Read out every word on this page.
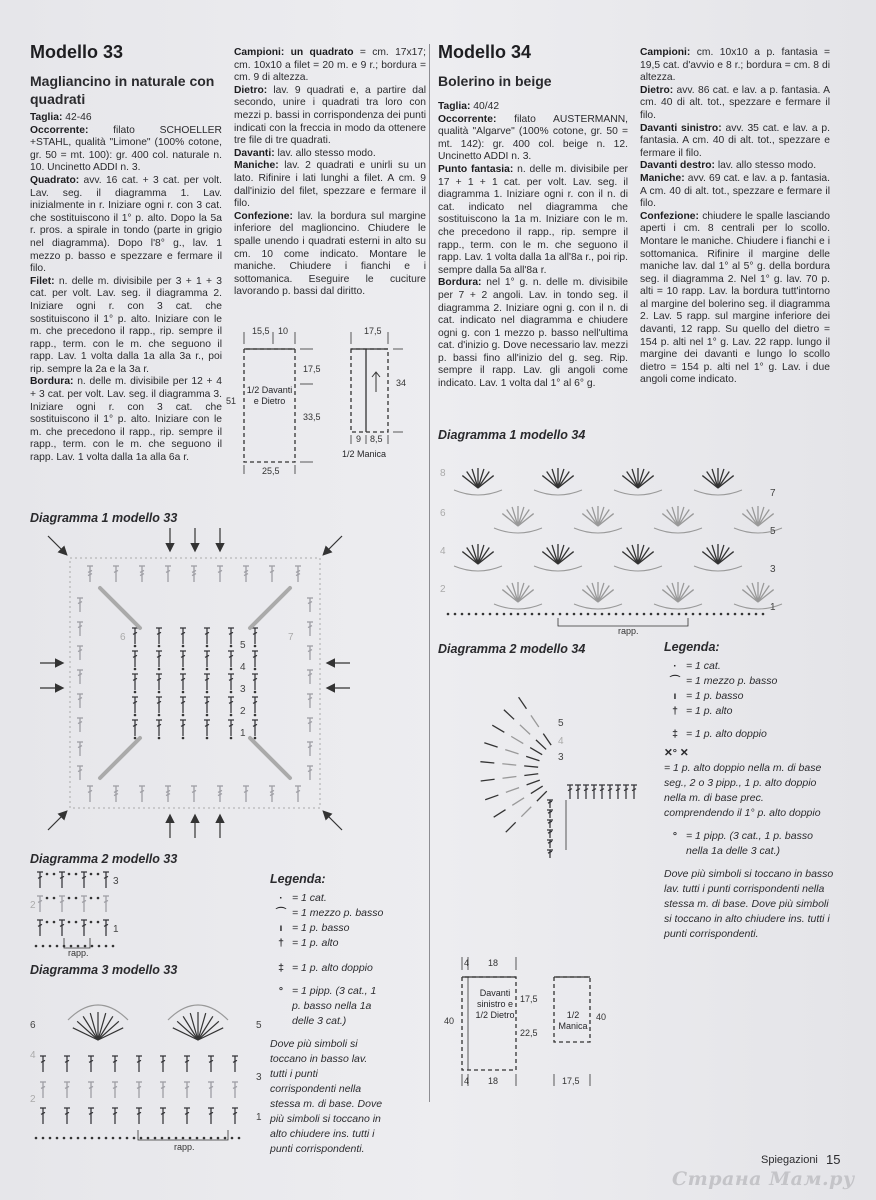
Modello 33
Magliancino in naturale con quadrati

Taglia: 42-46

Occorrente: filato SCHOELLER +STAHL, qualità "Limone" (100% cotone, gr. 50 = mt. 100): gr. 400 col. naturale n. 10. Uncinetto ADDI n. 3.

Quadrato: avv. 16 cat. + 3 cat. per volt. Lav. seg. il diagramma 1. Lav. inizialmente in r. Iniziare ogni r. con 3 cat. che sostituiscono il 1° p. alto. Dopo la 5a r. pros. a spirale in tondo (parte in grigio nel diagramma). Dopo l'8° g., lav. 1 mezzo p. basso e spezzare e fermare il filo.

Filet: n. delle m. divisibile per 3 + 1 + 3 cat. per volt. Lav. seg. il diagramma 2. Iniziare ogni r. con 3 cat. che sostituiscono il 1° p. alto. Iniziare con le m. che precedono il rapp., rip. sempre il rapp., term. con le m. che seguono il rapp. Lav. 1 volta dalla 1a alla 3a r., poi rip. sempre la 2a e la 3a r.

Bordura: n. delle m. divisibile per 12 + 4 + 3 cat. per volt. Lav. seg. il diagramma 3. Iniziare ogni r. con 3 cat. che sostituiscono il 1° p. alto. Iniziare con le m. che precedono il rapp., rip. sempre il rapp., term. con le m. che seguono il rapp. Lav. 1 volta dalla 1a alla 6a r.

Campioni: un quadrato = cm. 17x17; cm. 10x10 a filet = 20 m. e 9 r.; bordura = cm. 9 di altezza.

Dietro: lav. 9 quadrati e, a partire dal secondo, unire i quadrati tra loro con mezzi p. bassi in corrispondenza dei punti indicati con la freccia in modo da ottenere tre file di tre quadrati.

Davanti: lav. allo stesso modo.

Maniche: lav. 2 quadrati e unirli su un lato. Rifinire i lati lunghi a filet. A cm. 9 dall'inizio del filet, spezzare e fermare il filo.

Confezione: lav. la bordura sul margine inferiore del maglioncino. Chiudere le spalle unendo i quadrati esterni in alto su cm. 10 come indicato. Montare le maniche. Chiudere i fianchi e i sottomanica. Eseguire le cuciture lavorando p. bassi dal diritto.

Modello 34
Bolerino in beige

Taglia: 40/42

Occorrente: filato AUSTERMANN, qualità "Algarve" (100% cotone, gr. 50 = mt. 142): gr. 400 col. beige n. 12. Uncinetto ADDI n. 3.

Punto fantasia: n. delle m. divisibile per 17 + 1 + 1 cat. per volt. Lav. seg. il diagramma 1. Iniziare ogni r. con il n. di cat. indicato nel diagramma che sostituiscono la 1a m. Iniziare con le m. che precedono il rapp., rip. sempre il rapp., term. con le m. che seguono il rapp. Lav. 1 volta dalla 1a all'8a r., poi rip. sempre dalla 5a all'8a r.

Bordura: nel 1° g. n. delle m. divisibile per 7 + 2 angoli. Lav. in tondo seg. il diagramma 2. Iniziare ogni g. con il n. di cat. indicato nel diagramma e chiudere ogni g. con 1 mezzo p. basso nell'ultima cat. d'inizio g. Dove necessario lav. mezzi p. bassi fino all'inizio del g. seg. Rip. sempre il rapp. Lav. gli angoli come indicato. Lav. 1 volta dal 1° al 6° g.

Campioni: cm. 10x10 a p. fantasia = 19,5 cat. d'avvio e 8 r.; bordura = cm. 8 di altezza.

Dietro: avv. 86 cat. e lav. a p. fantasia. A cm. 40 di alt. tot., spezzare e fermare il filo.

Davanti sinistro: avv. 35 cat. e lav. a p. fantasia. A cm. 40 di alt. tot., spezzare e fermare il filo.

Davanti destro: lav. allo stesso modo.

Maniche: avv. 69 cat. e lav. a p. fantasia. A cm. 40 di alt. tot., spezzare e fermare il filo.

Confezione: chiudere le spalle lasciando aperti i cm. 8 centrali per lo scollo. Montare le maniche. Chiudere i fianchi e i sottomanica. Rifinire il margine delle maniche lav. dal 1° al 5° g. della bordura seg. il diagramma 2. Nel 1° g. lav. 70 p. alti = 10 rapp. Lav. la bordura tutt'intorno al margine del bolerino seg. il diagramma 2. Lav. 5 rapp. sul margine inferiore dei davanti, 12 rapp. Su quello del dietro = 154 p. alti nel 1° g. Lav. 22 rapp. lungo il margine dei davanti e lungo lo scollo dietro = 154 p. alti nel 1° g. Lav. i due angoli come indicato.

15,5 10
51
17,5
33,5
25,5
17,5
34
9 8,5
1/2 Davanti e Dietro
1/2 Manica
Diagramma 1 modello 33
1
2
3
4
5
6	7
Diagramma 2 modello 33
3
2
1
rapp.
Diagramma 3 modello 33
6	5
4
3
2
1
rapp.
Legenda:
· = 1 cat.
⌒ = 1 mezzo p. basso
ı = 1 p. basso
† = 1 p. alto
‡ = 1 p. alto doppio
° = 1 pipp. (3 cat., 1 p. basso nella 1a delle 3 cat.)
Dove più simboli si toccano in basso lav. tutti i punti corrispondenti nella stessa m. di base. Dove più simboli si toccano in alto chiudere ins. tutti i punti corrispondenti.
Diagramma 1 modello 34
8
7
6
5
4
3
2
1
rapp.
Diagramma 2 modello 34
5
4
3
Legenda:
· = 1 cat.
⌒ = 1 mezzo p. basso
ı = 1 p. basso
† = 1 p. alto
‡ = 1 p. alto doppio
✕° ✕
= 1 p. alto doppio nella m. di base seg., 2 o 3 pipp., 1 p. alto doppio nella m. di base prec. comprendendo il 1° p. alto doppio
° = 1 pipp. (3 cat., 1 p. basso nella 1a delle 3 cat.)
Dove più simboli si toccano in basso lav. tutti i punti corrispondenti nella stessa m. di base. Dove più simboli si toccano in alto chiudere ins. tutti i punti corrispondenti.
4 18
17,5
22,5
40
4 18
40
17,5
Davanti sinistro e 1/2 Dietro	1/2 Manica
Spiegazioni 15
Страна Мам.ру
